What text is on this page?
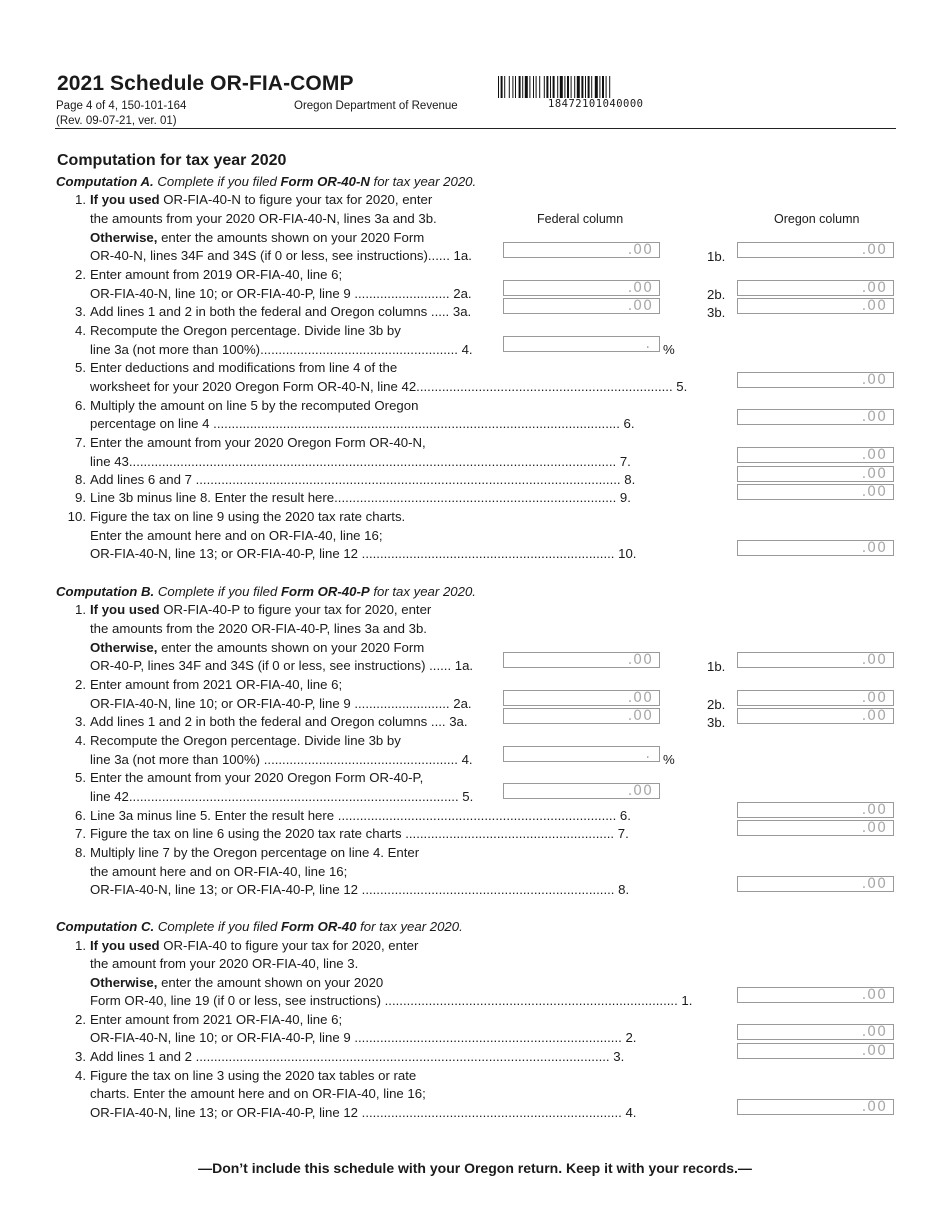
2021 Schedule OR-FIA-COMP
Page 4 of 4, 150-101-164	Oregon Department of Revenue
(Rev. 09-07-21, ver. 01)
18472101040000
Computation for tax year 2020
Computation A. Complete if you filed Form OR-40-N for tax year 2020.
1. If you used OR-FIA-40-N to figure your tax for 2020, enter
the amounts from your 2020 OR-FIA-40-N, lines 3a and 3b.
Otherwise, enter the amounts shown on your 2020 Form
OR-40-N, lines 34F and 34S (if 0 or less, see instructions)...... 1a.
Federal column	Oregon column
.00	1b.	.00
2. Enter amount from 2019 OR-FIA-40, line 6;
OR-FIA-40-N, line 10; or OR-FIA-40-P, line 9 .......................... 2a.	.00	2b.	.00
3. Add lines 1 and 2 in both the federal and Oregon columns ..... 3a.	.00	3b.	.00
4. Recompute the Oregon percentage. Divide line 3b by
line 3a (not more than 100%)...................................................... 4.	. %
5. Enter deductions and modifications from line 4 of the
worksheet for your 2020 Oregon Form OR-40-N, line 42...................................................................... 5.	.00
6. Multiply the amount on line 5 by the recomputed Oregon
percentage on line 4 ............................................................................................................... 6.	.00
7. Enter the amount from your 2020 Oregon Form OR-40-N,
line 43..................................................................................................................................... 7.	.00
8. Add lines 6 and 7 .................................................................................................................... 8.	.00
9. Line 3b minus line 8. Enter the result here............................................................................. 9.	.00
10. Figure the tax on line 9 using the 2020 tax rate charts.
Enter the amount here and on OR-FIA-40, line 16;
OR-FIA-40-N, line 13; or OR-FIA-40-P, line 12 ..................................................................... 10.	.00
Computation B. Complete if you filed Form OR-40-P for tax year 2020.
1. If you used OR-FIA-40-P to figure your tax for 2020, enter
the amounts from the 2020 OR-FIA-40-P, lines 3a and 3b.
Otherwise, enter the amounts shown on your 2020 Form
OR-40-P, lines 34F and 34S (if 0 or less, see instructions) ...... 1a.	.00	1b.	.00
2. Enter amount from 2021 OR-FIA-40, line 6;
OR-FIA-40-N, line 10; or OR-FIA-40-P, line 9 .......................... 2a.	.00	2b.	.00
3. Add lines 1 and 2 in both the federal and Oregon columns .... 3a.	.00	3b.	.00
4. Recompute the Oregon percentage. Divide line 3b by
line 3a (not more than 100%) ..................................................... 4.	. %
5. Enter the amount from your 2020 Oregon Form OR-40-P,
line 42.......................................................................................... 5.	.00
6. Line 3a minus line 5. Enter the result here ............................................................................ 6.	.00
7. Figure the tax on line 6 using the 2020 tax rate charts ......................................................... 7.	.00
8. Multiply line 7 by the Oregon percentage on line 4. Enter
the amount here and on OR-FIA-40, line 16;
OR-FIA-40-N, line 13; or OR-FIA-40-P, line 12 ..................................................................... 8.	.00
Computation C. Complete if you filed Form OR-40 for tax year 2020.
1. If you used OR-FIA-40 to figure your tax for 2020, enter
the amount from your 2020 OR-FIA-40, line 3.
Otherwise, enter the amount shown on your 2020
Form OR-40, line 19 (if 0 or less, see instructions) ................................................................................ 1.	.00
2. Enter amount from 2021 OR-FIA-40, line 6;
OR-FIA-40-N, line 10; or OR-FIA-40-P, line 9 ......................................................................... 2.	.00
3. Add lines 1 and 2 ................................................................................................................. 3.	.00
4. Figure the tax on line 3 using the 2020 tax tables or rate
charts. Enter the amount here and on OR-FIA-40, line 16;
OR-FIA-40-N, line 13; or OR-FIA-40-P, line 12 ....................................................................... 4.	.00
—Don’t include this schedule with your Oregon return. Keep it with your records.—
